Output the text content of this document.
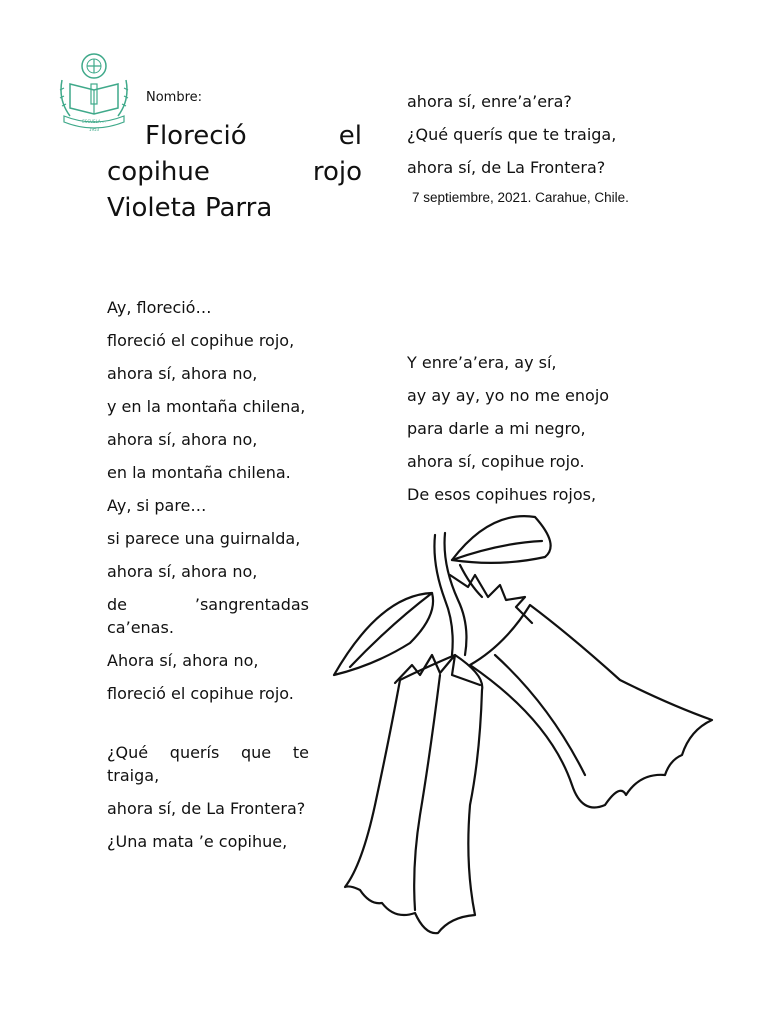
ESCUELA ...
1953
Nombre:
Floreció	el
copihue	rojo
Violeta Parra

Ay, floreció…

floreció el copihue rojo,

ahora sí, ahora no,

y en la montaña chilena,

ahora sí, ahora no,

en la montaña chilena.

Ay, si pare…

si parece una guirnalda,

ahora sí, ahora no,

de ’sangrentadas ca’enas.

Ahora sí, ahora no,

floreció el copihue rojo.

¿Qué querís que te traiga,

ahora sí, de La Frontera?

¿Una mata ’e copihue,

ahora sí, enre’a’era?

¿Qué querís que te traiga,

ahora sí, de La Frontera?

7 septiembre, 2021. Carahue, Chile.

Y enre’a’era, ay sí,

ay ay ay, yo no me enojo

para darle a mi negro,

ahora sí, copihue rojo.

De esos copihues rojos,
